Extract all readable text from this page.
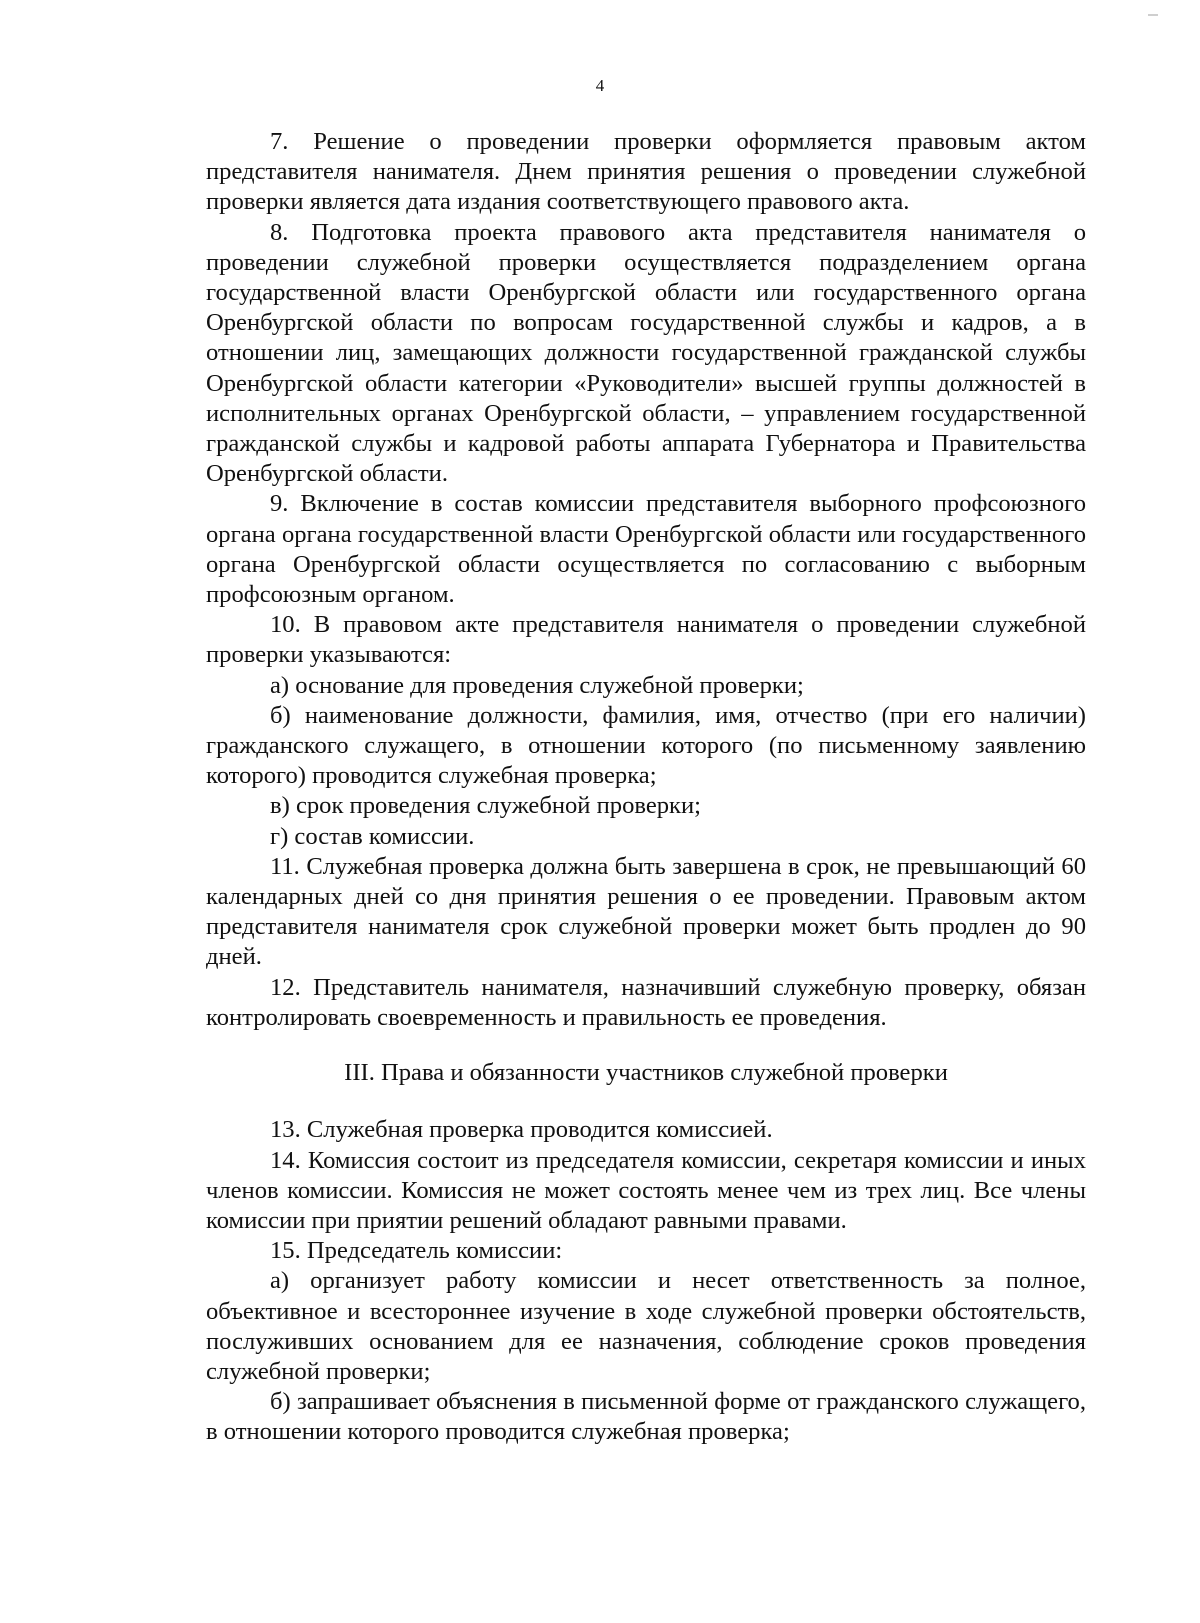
4

7. Решение о проведении проверки оформляется правовым актом представителя нанимателя. Днем принятия решения о проведении служебной проверки является дата издания соответствующего правового акта.

8. Подготовка проекта правового акта представителя нанимателя о проведении служебной проверки осуществляется подразделением органа государственной власти Оренбургской области или государственного органа Оренбургской области по вопросам государственной службы и кадров, а в отношении лиц, замещающих должности государственной гражданской службы Оренбургской области категории «Руководители» высшей группы должностей в исполнительных органах Оренбургской области, – управлением государственной гражданской службы и кадровой работы аппарата Губернатора и Правительства Оренбургской области.

9. Включение в состав комиссии представителя выборного профсоюзного органа органа государственной власти Оренбургской области или государственного органа Оренбургской области осуществляется по согласованию с выборным профсоюзным органом.

10. В правовом акте представителя нанимателя о проведении служебной проверки указываются:

а) основание для проведения служебной проверки;

б) наименование должности, фамилия, имя, отчество (при его наличии) гражданского служащего, в отношении которого (по письменному заявлению которого) проводится служебная проверка;

в) срок проведения служебной проверки;

г) состав комиссии.

11. Служебная проверка должна быть завершена в срок, не превышающий 60 календарных дней со дня принятия решения о ее проведении. Правовым актом представителя нанимателя срок служебной проверки может быть продлен до 90 дней.

12. Представитель нанимателя, назначивший служебную проверку, обязан контролировать своевременность и правильность ее проведения.

III. Права и обязанности участников служебной проверки

13. Служебная проверка проводится комиссией.

14. Комиссия состоит из председателя комиссии, секретаря комиссии и иных членов комиссии. Комиссия не может состоять менее чем из трех лиц. Все члены комиссии при приятии решений обладают равными правами.

15. Председатель комиссии:

а) организует работу комиссии и несет ответственность за полное, объективное и всестороннее изучение в ходе служебной проверки обстоятельств, послуживших основанием для ее назначения, соблюдение сроков проведения служебной проверки;

б) запрашивает объяснения в письменной форме от гражданского служащего, в отношении которого проводится служебная проверка;
